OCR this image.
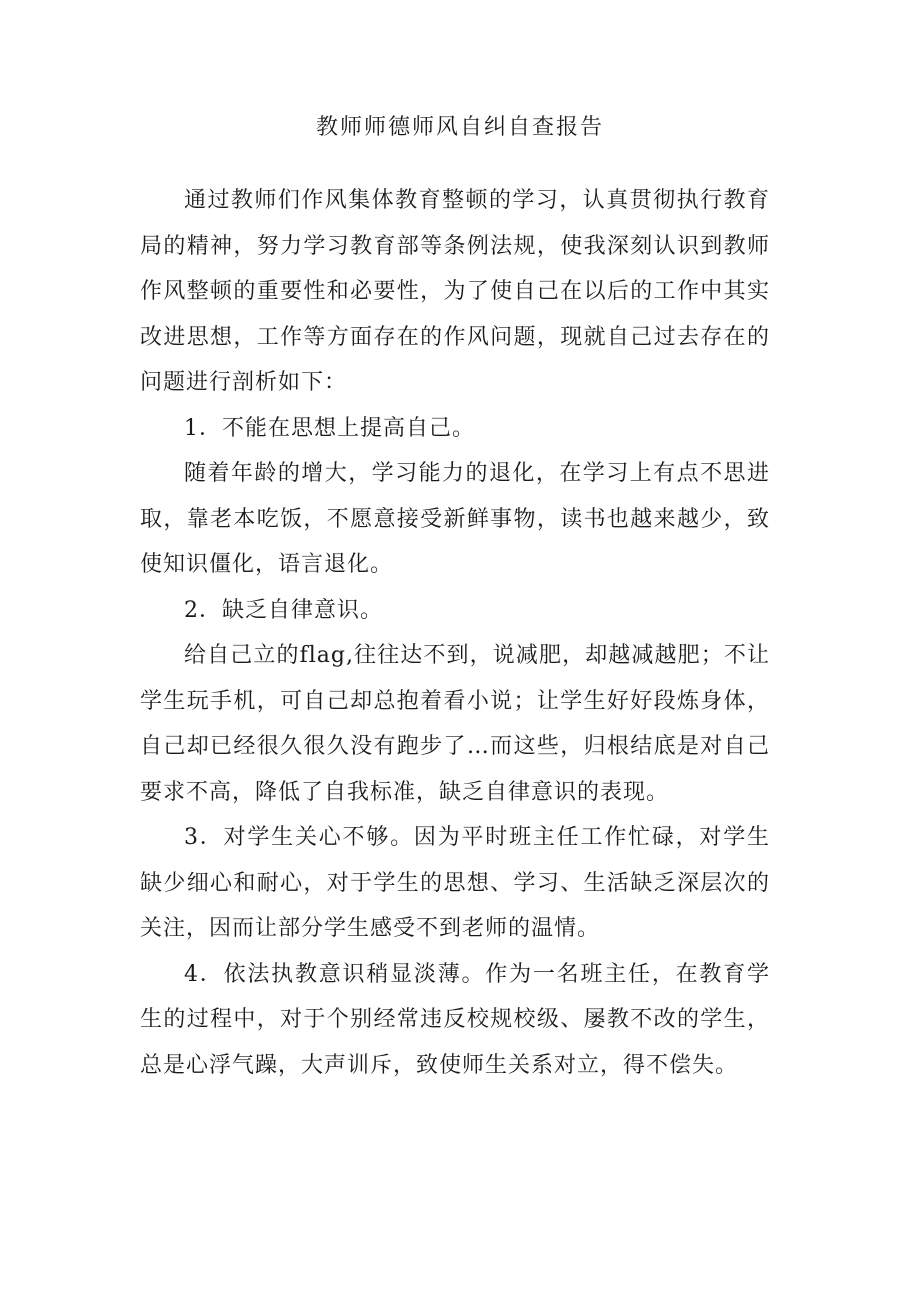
教师师德师风自纠自查报告

通过教师们作风集体教育整顿的学习，认真贯彻执行教育局的精神，努力学习教育部等条例法规，使我深刻认识到教师作风整顿的重要性和必要性，为了使自己在以后的工作中其实改进思想，工作等方面存在的作风问题，现就自己过去存在的问题进行剖析如下：

1．不能在思想上提高自己。

随着年龄的增大，学习能力的退化，在学习上有点不思进取，靠老本吃饭，不愿意接受新鲜事物，读书也越来越少，致使知识僵化，语言退化。

2．缺乏自律意识。

给自己立的flag,往往达不到，说减肥，却越减越肥；不让学生玩手机，可自己却总抱着看小说；让学生好好段炼身体，自己却已经很久很久没有跑步了…而这些，归根结底是对自己要求不高，降低了自我标准，缺乏自律意识的表现。

3．对学生关心不够。因为平时班主任工作忙碌，对学生缺少细心和耐心，对于学生的思想、学习、生活缺乏深层次的关注，因而让部分学生感受不到老师的温情。

4．依法执教意识稍显淡薄。作为一名班主任，在教育学生的过程中，对于个别经常违反校规校级、屡教不改的学生，总是心浮气躁，大声训斥，致使师生关系对立，得不偿失。
